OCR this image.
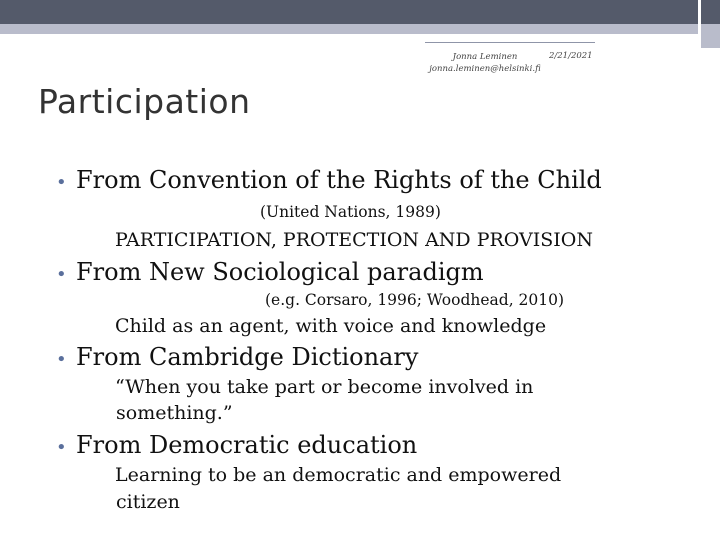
Jonna Leminen
jonna.leminen@helsinki.fi
2/21/2021
Participation
• From Convention of the Rights of the Child
(United Nations, 1989)
PARTICIPATION, PROTECTION AND PROVISION
• From New Sociological paradigm
(e.g. Corsaro, 1996; Woodhead, 2010)
Child as an agent, with voice and knowledge
• From Cambridge Dictionary
“When you take part or become involved in
something.”
• From Democratic education
Learning to be an democratic and empowered
citizen
